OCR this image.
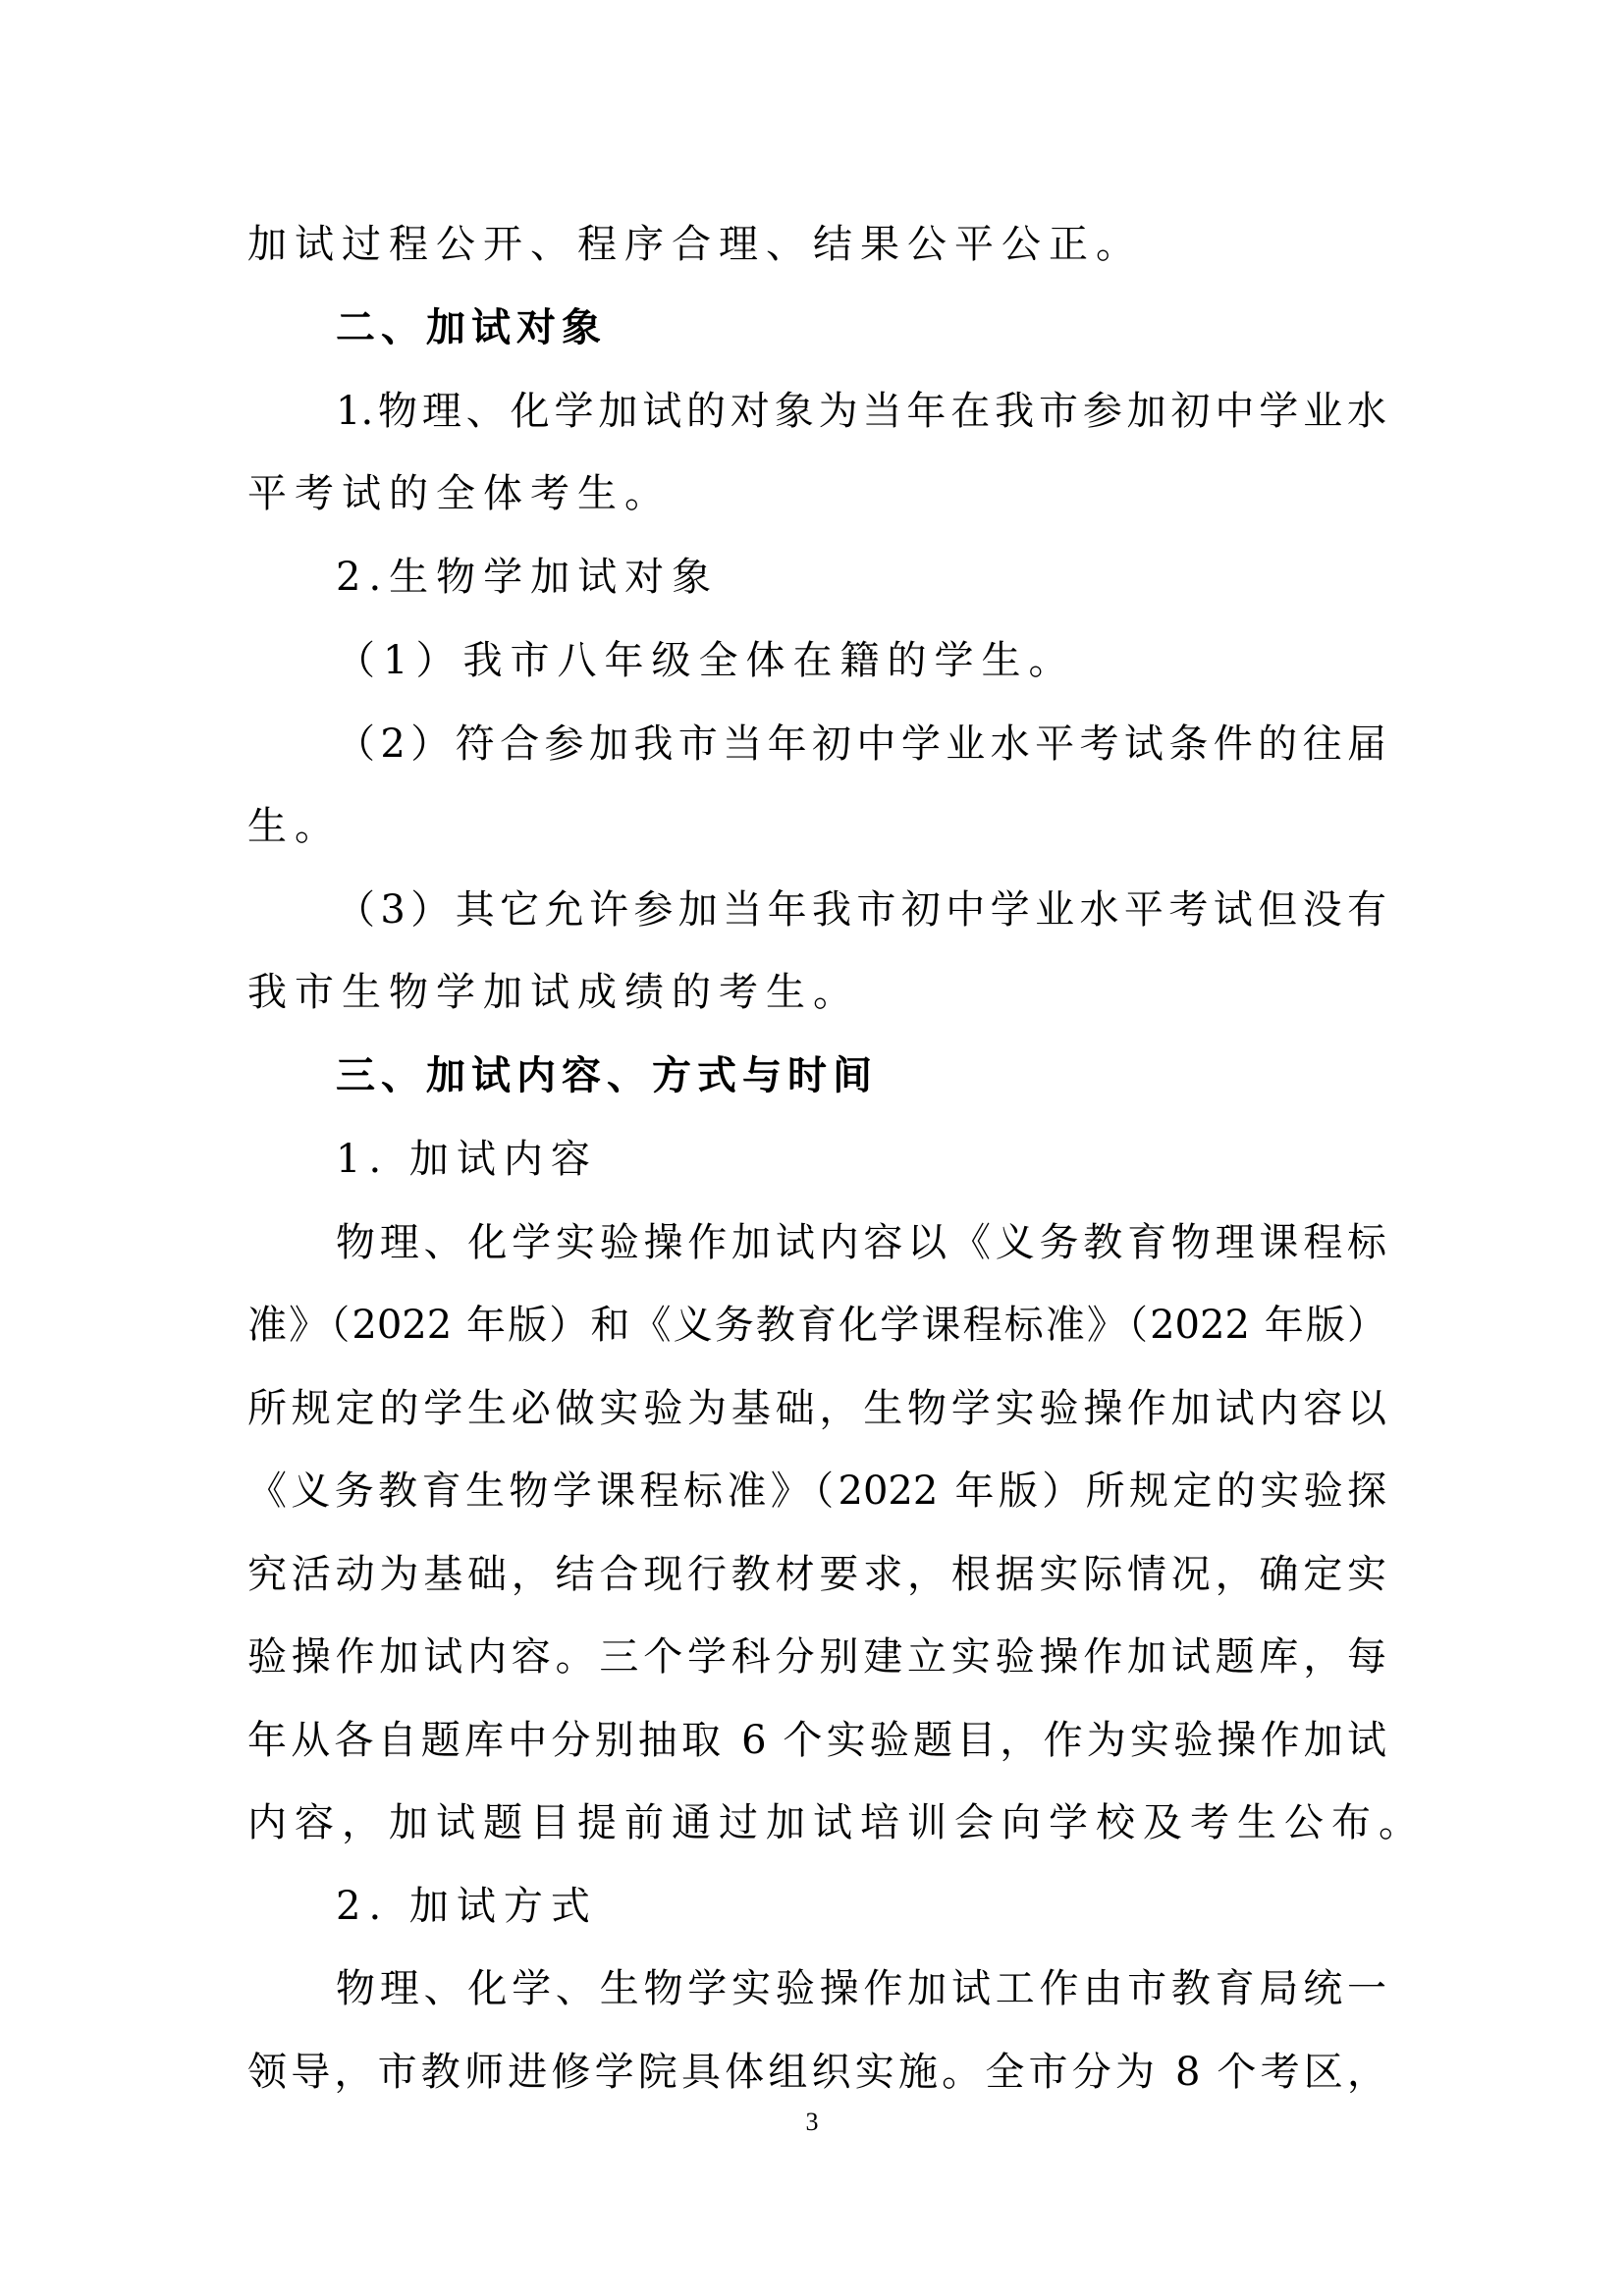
加试过程公开、程序合理、结果公平公正。
二、加试对象
1.物理、化学加试的对象为当年在我市参加初中学业水
平考试的全体考生。
2.生物学加试对象
（1）我市八年级全体在籍的学生。
（2）符合参加我市当年初中学业水平考试条件的往届
生。
（3）其它允许参加当年我市初中学业水平考试但没有
我市生物学加试成绩的考生。
三、加试内容、方式与时间
1. 加试内容
物理、化学实验操作加试内容以《义务教育物理课程标
准》（2022 年版）和《义务教育化学课程标准》（2022 年版）
所规定的学生必做实验为基础，生物学实验操作加试内容以
《义务教育生物学课程标准》（2022 年版）所规定的实验探
究活动为基础，结合现行教材要求，根据实际情况，确定实
验操作加试内容。三个学科分别建立实验操作加试题库，每
年从各自题库中分别抽取 6 个实验题目，作为实验操作加试
内容，加试题目提前通过加试培训会向学校及考生公布。
2. 加试方式
物理、化学、生物学实验操作加试工作由市教育局统一
领导，市教师进修学院具体组织实施。全市分为 8 个考区，
3
